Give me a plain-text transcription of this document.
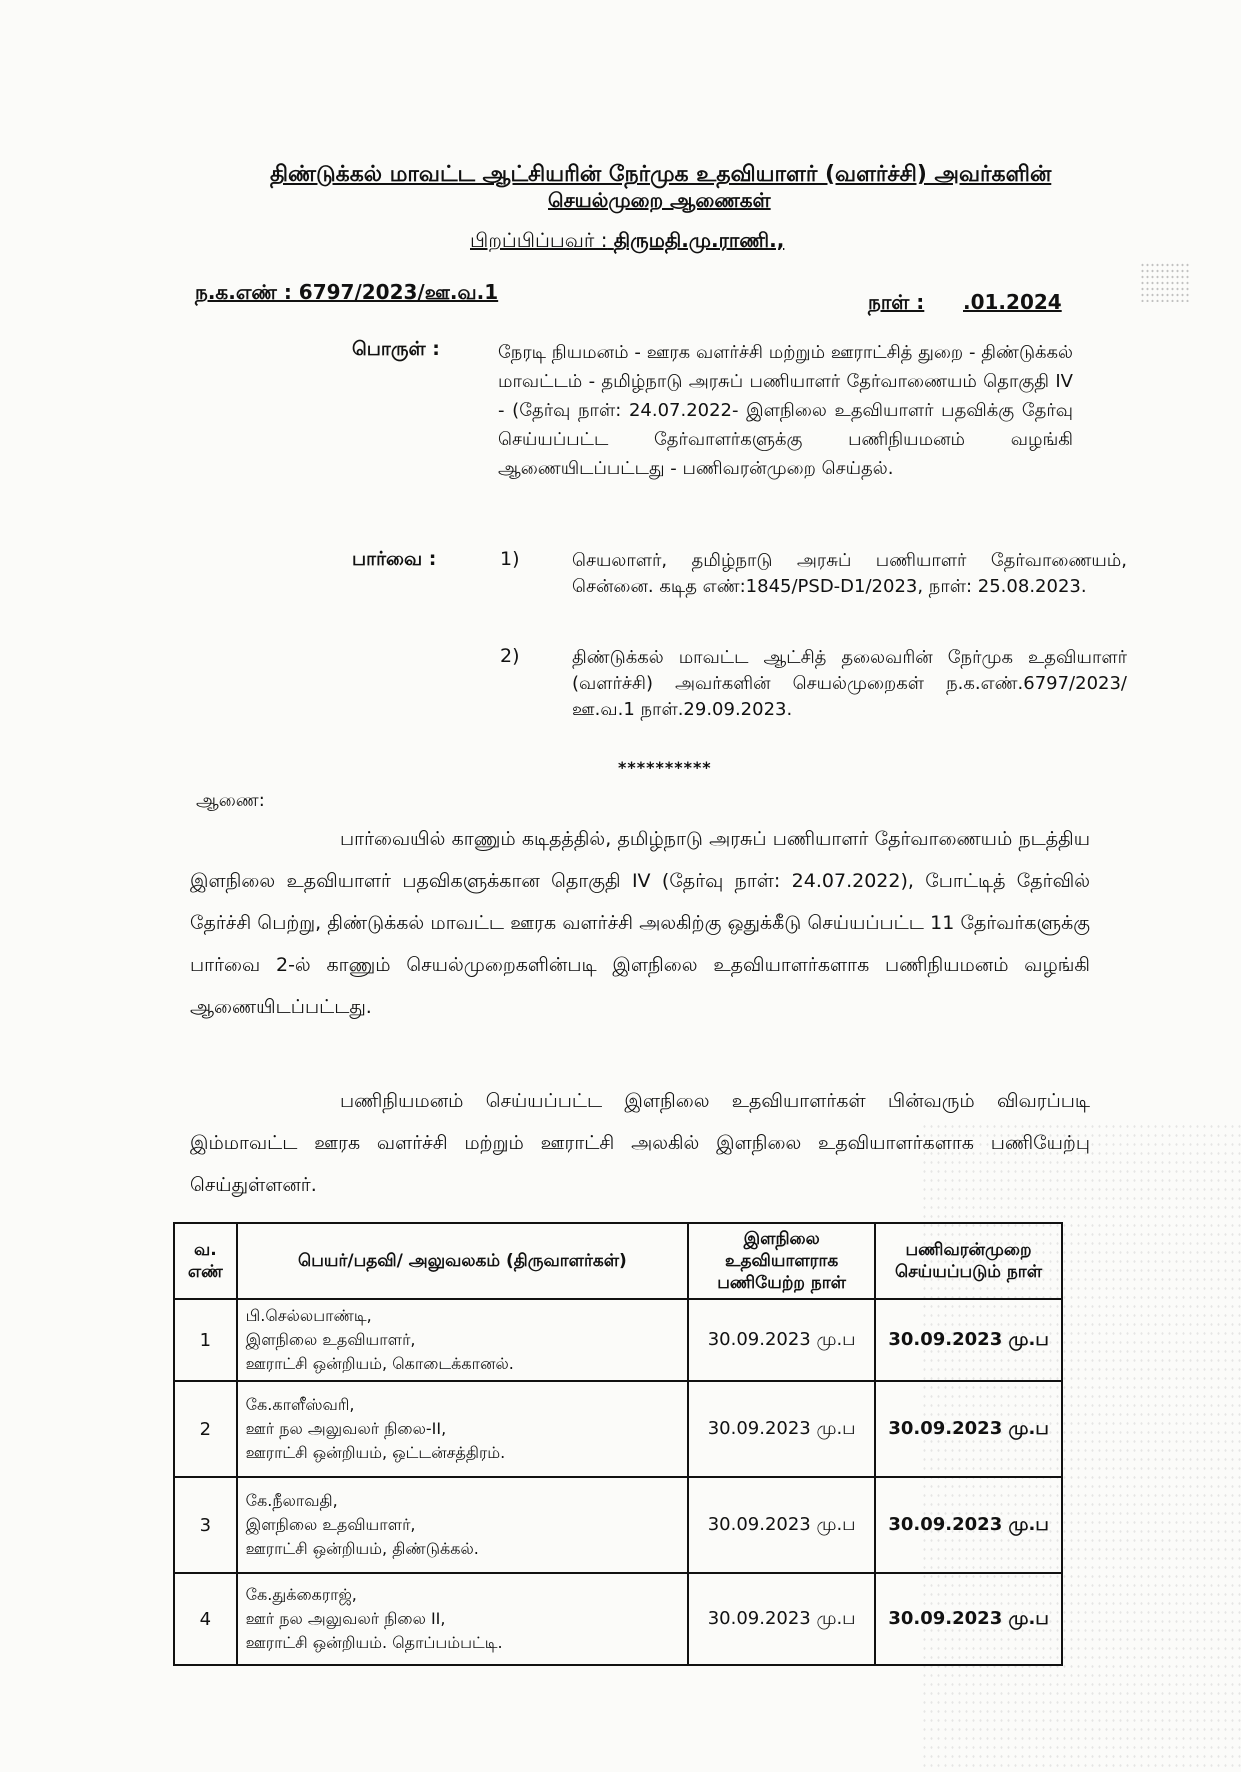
திண்டுக்கல் மாவட்ட ஆட்சியரின் நேர்முக உதவியாளர் (வளர்ச்சி) அவர்களின்
செயல்முறை ஆணைகள்
பிறப்பிப்பவர் : திருமதி.மு.ராணி.,
ந.க.எண் : 6797/2023/ஊ.வ.1	நாள் : .01.2024
பொருள் :	நேரடி நியமனம் - ஊரக வளர்ச்சி மற்றும் ஊராட்சித் துறை - திண்டுக்கல் மாவட்டம் - தமிழ்நாடு அரசுப் பணியாளர் தேர்வாணையம் தொகுதி IV - (தேர்வு நாள்: 24.07.2022- இளநிலை உதவியாளர் பதவிக்கு தேர்வு செய்யப்பட்ட தேர்வாளர்களுக்கு பணிநியமனம் வழங்கி ஆணையிடப்பட்டது - பணிவரன்முறை செய்தல்.
பார்வை :	1)	செயலாளர், தமிழ்நாடு அரசுப் பணியாளர் தேர்வாணையம், சென்னை. கடித எண்:1845/PSD-D1/2023, நாள்: 25.08.2023.
2)	திண்டுக்கல் மாவட்ட ஆட்சித் தலைவரின் நேர்முக உதவியாளர் (வளர்ச்சி) அவர்களின் செயல்முறைகள் ந.க.எண்.6797/2023/ஊ.வ.1 நாள்.29.09.2023.
**********
ஆணை:
பார்வையில் காணும் கடிதத்தில், தமிழ்நாடு அரசுப் பணியாளர் தேர்வாணையம் நடத்திய இளநிலை உதவியாளர் பதவிகளுக்கான தொகுதி IV (தேர்வு நாள்: 24.07.2022), போட்டித் தேர்வில் தேர்ச்சி பெற்று, திண்டுக்கல் மாவட்ட ஊரக வளர்ச்சி அலகிற்கு ஒதுக்கீடு செய்யப்பட்ட 11 தேர்வர்களுக்கு பார்வை 2-ல் காணும் செயல்முறைகளின்படி இளநிலை உதவியாளர்களாக பணிநியமனம் வழங்கி ஆணையிடப்பட்டது.
பணிநியமனம் செய்யப்பட்ட இளநிலை உதவியாளர்கள் பின்வரும் விவரப்படி இம்மாவட்ட ஊரக வளர்ச்சி மற்றும் ஊராட்சி அலகில் இளநிலை உதவியாளர்களாக பணியேற்பு செய்துள்ளனர்.
வ. எண்	பெயர்/பதவி/ அலுவலகம் (திருவாளர்கள்)	இளநிலை உதவியாளராக பணியேற்ற நாள்	பணிவரன்முறை செய்யப்படும் நாள்
1	பி.செல்லபாண்டி,
இளநிலை உதவியாளர்,
ஊராட்சி ஒன்றியம், கொடைக்கானல்.	30.09.2023 மு.ப	30.09.2023 மு.ப
2	கே.காளீஸ்வரி,
ஊர் நல அலுவலர் நிலை-II,
ஊராட்சி ஒன்றியம், ஒட்டன்சத்திரம்.	30.09.2023 மு.ப	30.09.2023 மு.ப
3	கே.நீலாவதி,
இளநிலை உதவியாளர்,
ஊராட்சி ஒன்றியம், திண்டுக்கல்.	30.09.2023 மு.ப	30.09.2023 மு.ப
4	கே.துக்கைராஜ்,
ஊர் நல அலுவலர் நிலை II,
ஊராட்சி ஒன்றியம். தொப்பம்பட்டி.	30.09.2023 மு.ப	30.09.2023 மு.ப
